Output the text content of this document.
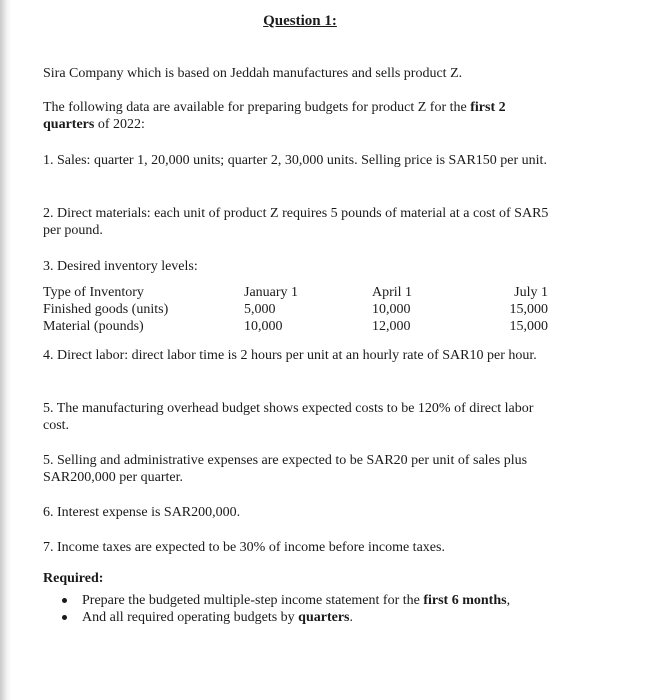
Question 1:
Sira Company which is based on Jeddah manufactures and sells product Z.
The following data are available for preparing budgets for product Z for the first 2 quarters of 2022:
1. Sales: quarter 1, 20,000 units; quarter 2, 30,000 units. Selling price is SAR150 per unit.
2. Direct materials: each unit of product Z requires 5 pounds of material at a cost of SAR5 per pound.
3. Desired inventory levels:
Type of Inventory	January 1	April 1	July 1
Finished goods (units)	5,000	10,000	15,000
Material (pounds)	10,000	12,000	15,000
4. Direct labor: direct labor time is 2 hours per unit at an hourly rate of SAR10 per hour.
5. The manufacturing overhead budget shows expected costs to be 120% of direct labor cost.
5. Selling and administrative expenses are expected to be SAR20 per unit of sales plus SAR200,000 per quarter.
6. Interest expense is SAR200,000.
7. Income taxes are expected to be 30% of income before income taxes.
Required:
Prepare the budgeted multiple-step income statement for the first 6 months,
And all required operating budgets by quarters.
